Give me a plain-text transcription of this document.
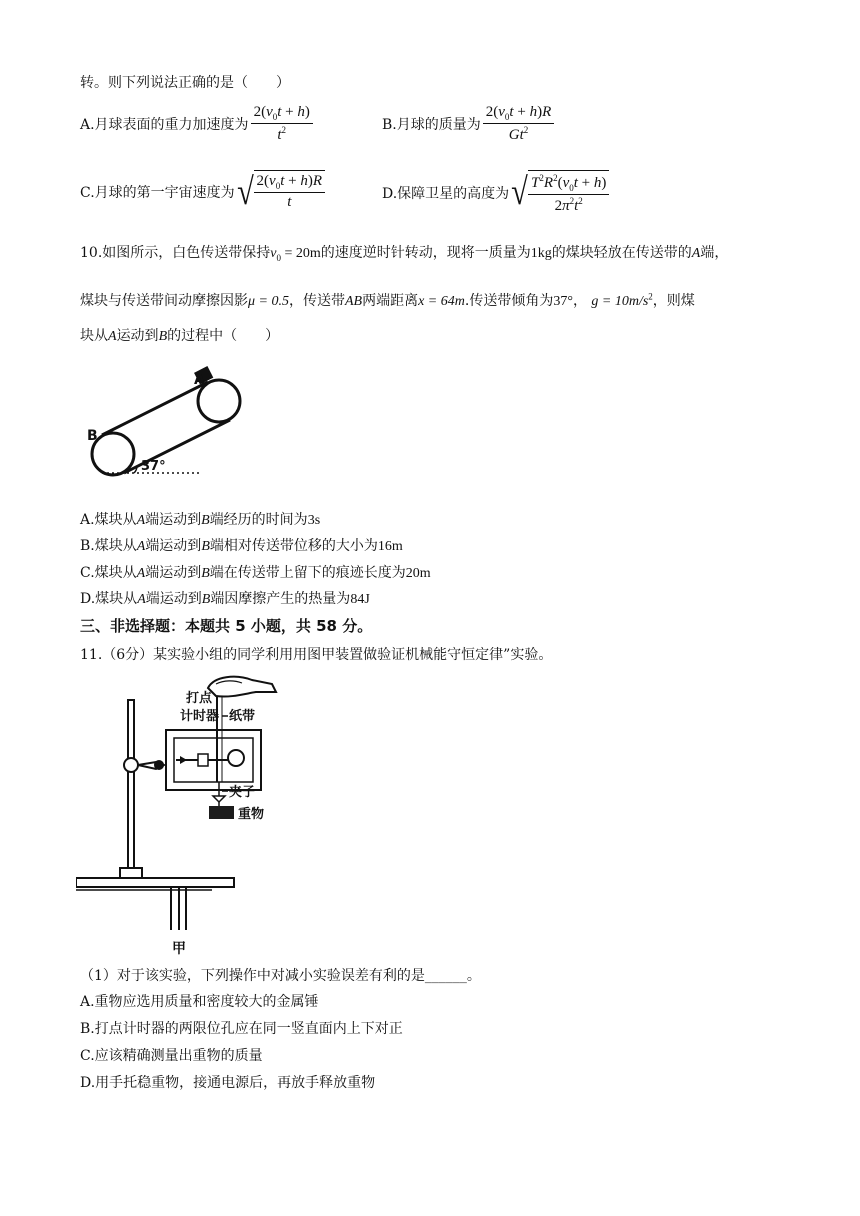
转。则下列说法正确的是（　　）
A.月球表面的重力加速度为 $\frac{2(v_0t + h)}{t^2}$	B.月球的质量为 $\frac{2(v_0t + h)R}{Gt^2}$
C.月球的第一宇宙速度为 √ $\frac{2(v_0t + h)R}{t}$	D.保障卫星的高度为 √ $\frac{T^2R^2(v_0t + h)}{2\pi^2t^2}$
10.如图所示，白色传送带保持$v_0 = 20m$的速度逆时针转动，现将一质量为1kg的煤块轻放在传送带的A端，
煤块与传送带间动摩擦因影μ = 0.5，传送带AB两端距离x = 64m.传送带倾角为37°， $g = 10m/s^2$，则煤
块从A运动到B的过程中（　　）
A
B
37°
A.煤块从A端运动到B端经历的时间为3s
B.煤块从A端运动到B端相对传送带位移的大小为16m
C.煤块从A端运动到B端在传送带上留下的痕迹长度为20m
D.煤块从A端运动到B端因摩擦产生的热量为84J
三、非选择题：本题共 5 小题，共 58 分。
11.（6分）某实验小组的同学利用用图甲装置做验证机械能守恒定律”实验。
打点
计时器 纸带
夹子
重物
甲
（1）对于该实验，下列操作中对减小实验误差有利的是______。
A.重物应选用质量和密度较大的金属锤
B.打点计时器的两限位孔应在同一竖直面内上下对正
C.应该精确测量出重物的质量
D.用手托稳重物，接通电源后，再放手释放重物
